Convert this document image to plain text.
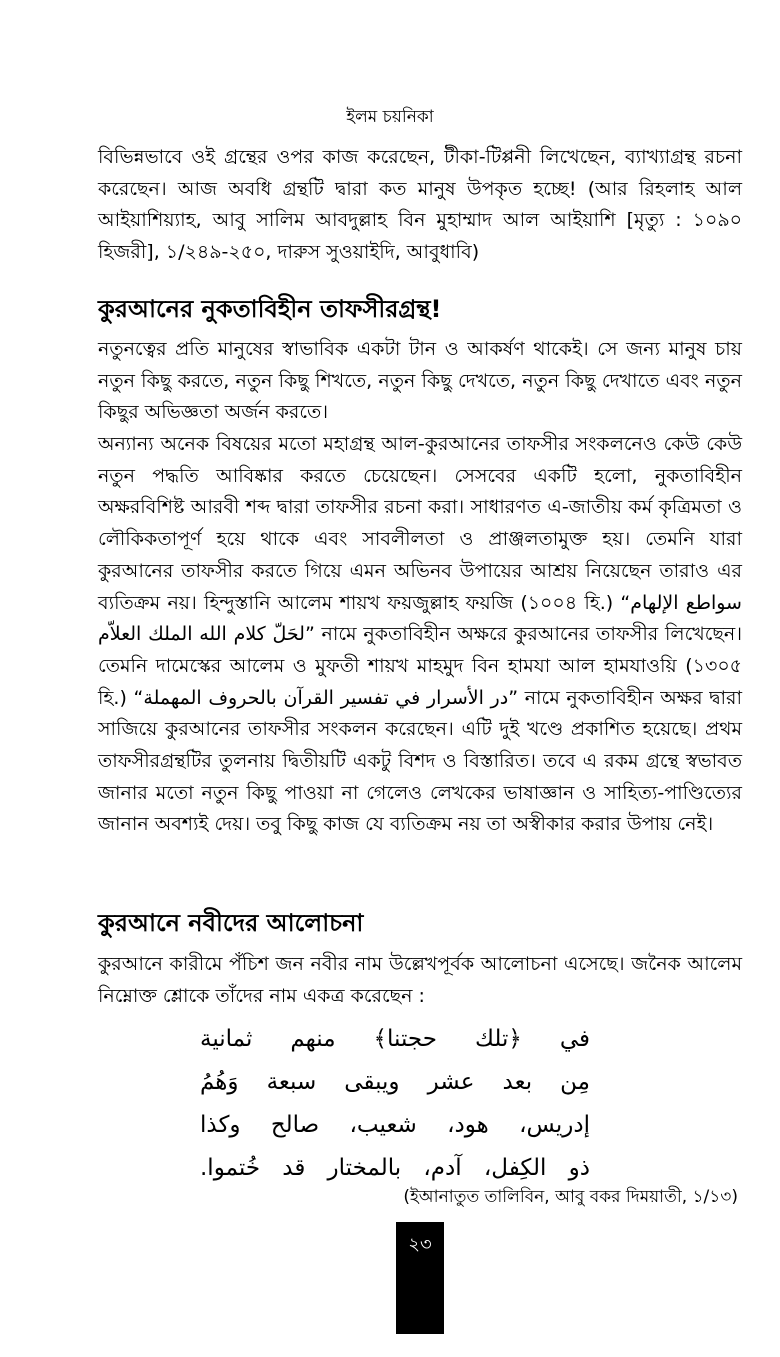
ইলম চয়নিকা

বিভিন্নভাবে ওই গ্রন্থের ওপর কাজ করেছেন, টীকা-টিপ্পনী লিখেছেন, ব্যাখ্যাগ্রন্থ রচনা করেছেন। আজ অবধি গ্রন্থটি দ্বারা কত মানুষ উপকৃত হচ্ছে! (আর রিহলাহ আল আইয়াশিয়্যাহ, আবু সালিম আবদুল্লাহ বিন মুহাম্মাদ আল আইয়াশি [মৃত্যু : ১০৯০ হিজরী], ১/২৪৯-২৫০, দারুস সুওয়াইদি, আবুধাবি)

কুরআনের নুকতাবিহীন তাফসীরগ্রন্থ!

নতুনত্বের প্রতি মানুষের স্বাভাবিক একটা টান ও আকর্ষণ থাকেই। সে জন্য মানুষ চায় নতুন কিছু করতে, নতুন কিছু শিখতে, নতুন কিছু দেখতে, নতুন কিছু দেখাতে এবং নতুন কিছুর অভিজ্ঞতা অর্জন করতে।

অন্যান্য অনেক বিষয়ের মতো মহাগ্রন্থ আল-কুরআনের তাফসীর সংকলনেও কেউ কেউ নতুন পদ্ধতি আবিষ্কার করতে চেয়েছেন। সেসবের একটি হলো, নুকতাবিহীন অক্ষরবিশিষ্ট আরবী শব্দ দ্বারা তাফসীর রচনা করা। সাধারণত এ-জাতীয় কর্ম কৃত্রিমতা ও লৌকিকতাপূর্ণ হয়ে থাকে এবং সাবলীলতা ও প্রাঞ্জলতামুক্ত হয়। তেমনি যারা কুরআনের তাফসীর করতে গিয়ে এমন অভিনব উপায়ের আশ্রয় নিয়েছেন তারাও এর ব্যতিক্রম নয়। হিন্দুস্তানি আলেম শায়খ ফয়জুল্লাহ ফয়জি (১০০৪ হি.) “سواطع الإلهام لحَلّ كلام الله الملك العلاّم” নামে নুকতাবিহীন অক্ষরে কুরআনের তাফসীর লিখেছেন। তেমনি দামেস্কের আলেম ও মুফতী শায়খ মাহমুদ বিন হামযা আল হামযাওয়ি (১৩০৫ হি.) “در الأسرار في تفسير القرآن بالحروف المهملة” নামে নুকতাবিহীন অক্ষর দ্বারা সাজিয়ে কুরআনের তাফসীর সংকলন করেছেন। এটি দুই খণ্ডে প্রকাশিত হয়েছে। প্রথম তাফসীরগ্রন্থটির তুলনায় দ্বিতীয়টি একটু বিশদ ও বিস্তারিত। তবে এ রকম গ্রন্থে স্বভাবত জানার মতো নতুন কিছু পাওয়া না গেলেও লেখকের ভাষাজ্ঞান ও সাহিত্য-পাণ্ডিত্যের জানান অবশ্যই দেয়। তবু কিছু কাজ যে ব্যতিক্রম নয় তা অস্বীকার করার উপায় নেই।

কুরআনে নবীদের আলোচনা

কুরআনে কারীমে পঁচিশ জন নবীর নাম উল্লেখপূর্বক আলোচনা এসেছে। জনৈক আলেম নিম্নোক্ত শ্লোকে তাঁদের নাম একত্র করেছেন :

في ﴿تلك حجتنا﴾ منهم ثمانية
مِن بعد عشر ويبقى سبعة وَهُمُ
إدريس، هود، شعيب، صالح وكذا
ذو الكِفل، آدم، بالمختار قد خُتموا.
(ইআনাতুত তালিবিন, আবু বকর দিময়াতী, ১/১৩)
২৩
